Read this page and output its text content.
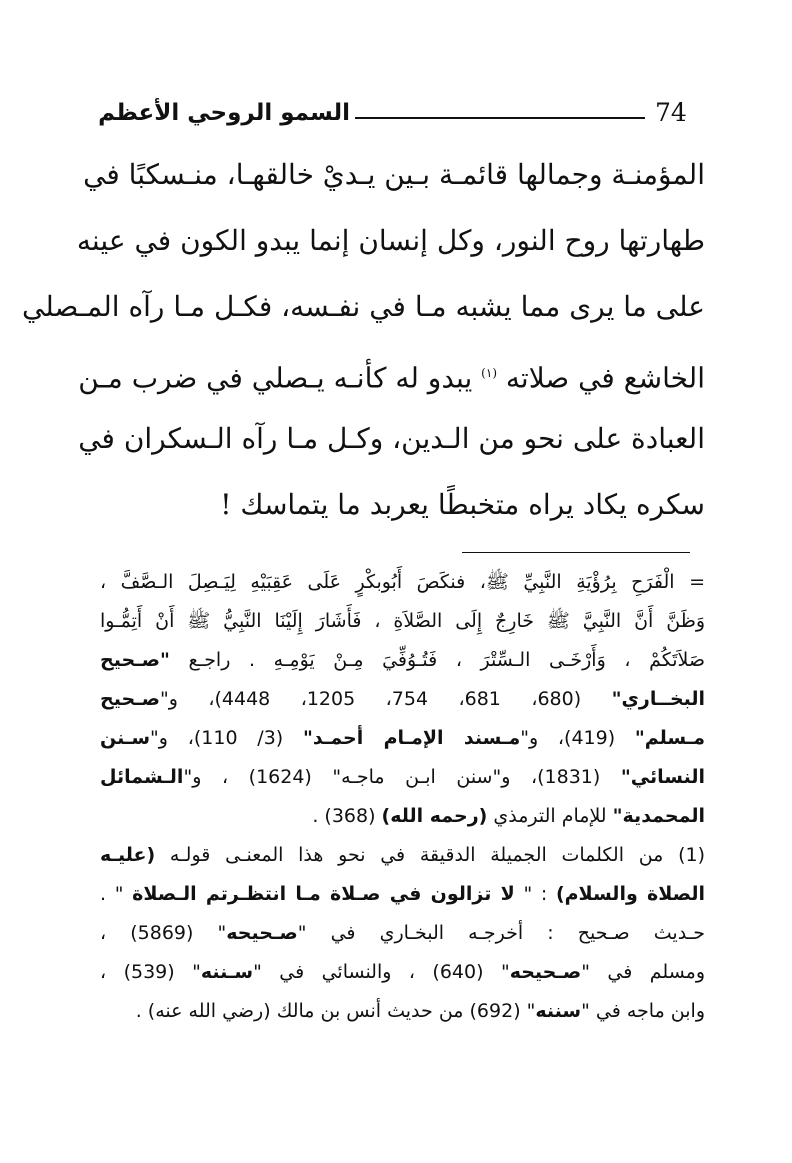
74
السمو الروحي الأعظم
المؤمنـة وجمالها قائمـة بـين يـديْ خالقهـا، منـسكبًا في
طهارتها روح النور، وكل إنسان إنما يبدو الكون في عينه
على ما يرى مما يشبه مـا في نفـسه، فكـل مـا رآه المـصلي
الخاشع في صلاته $^{(١)}$ يبدو له كأنـه يـصلي في ضرب مـن
العبادة على نحو من الـدين، وكـل مـا رآه الـسكران في
سكره يكاد يراه متخبطًا يعربد ما يتماسك !
= الْفَرَحِ بِرُؤْيَةِ النَّبِيِّ ﷺ، فنكَصَ أَبُوبكْرٍ عَلَى عَقِبَيْهِ لِيَـصِلَ الـصَّفَّ ،
وَظَنَّ أَنَّ النَّبِيَّ ﷺ خَارِجٌ إِلَى الصَّلاَةِ ، فَأَشَارَ إِلَيْنَا النَّبِيُّ ﷺ أَنْ أَتِمُّـوا
صَلاَتَكُمْ ، وَأَرْخَـى الـسِّتْرَ ، فَتُـوُفِّيَ مِـنْ يَوْمِـهِ . راجـع "صـحيح
البخــاري" (680، 681، 754، 1205، 4448)، و"صـحيح
مـسلم" (419)، و"مـسند الإمـام أحمـد" (3/ 110)، و"سـنن
النسائي" (1831)، و"سنن ابـن ماجـه" (1624) ، و"الـشمائل
المحمدية" للإمام الترمذي (رحمه الله) (368) .
(1) من الكلمات الجميلة الدقيقة في نحو هذا المعنـى قولـه (عليـه
الصلاة والسلام) : " لا تزالون في صـلاة مـا انتظـرتم الـصلاة " .
حـديث صـحيح : أخرجـه البخـاري في "صـحيحه" (5869) ،
ومسلم في "صـحيحه" (640) ، والنسائي في "سـننه" (539) ،
وابن ماجه في "سننه" (692) من حديث أنس بن مالك (رضي الله عنه) .
